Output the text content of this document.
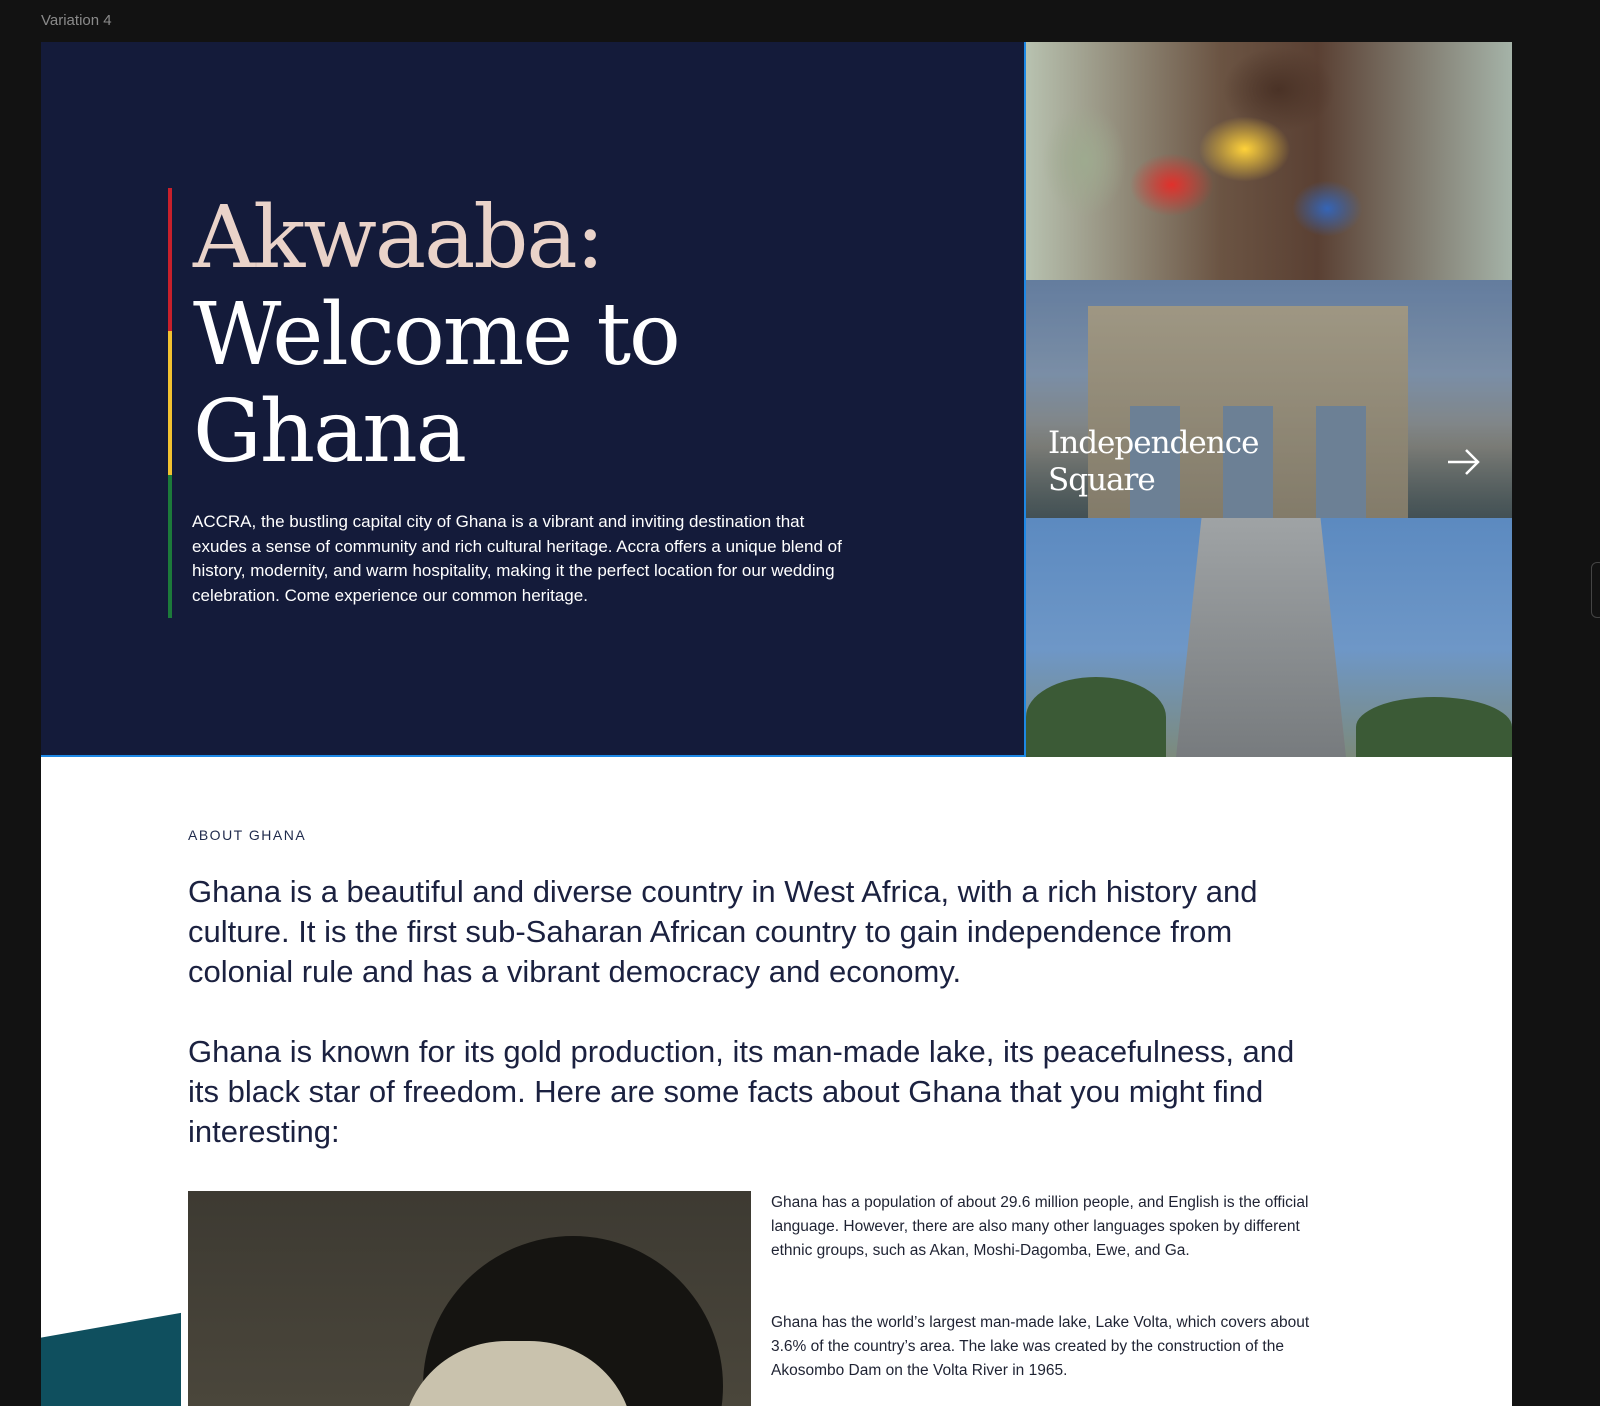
Variation 4
Akwaaba:
Welcome to
Ghana

ACCRA, the bustling capital city of Ghana is a vibrant and inviting destination that exudes a sense of community and rich cultural heritage. Accra offers a unique blend of history, modernity, and warm hospitality, making it the perfect location for our wedding celebration. Come experience our common heritage.

Independence Square
ABOUT GHANA

Ghana is a beautiful and diverse country in West Africa, with a rich history and culture. It is the first sub-Saharan African country to gain independence from colonial rule and has a vibrant democracy and economy.

Ghana is known for its gold production, its man-made lake, its peacefulness, and its black star of freedom. Here are some facts about Ghana that you might find interesting:

Ghana has a population of about 29.6 million people, and English is the official language. However, there are also many other languages spoken by different ethnic groups, such as Akan, Moshi-Dagomba, Ewe, and Ga.

Ghana has the world’s largest man-made lake, Lake Volta, which covers about 3.6% of the country’s area. The lake was created by the construction of the Akosombo Dam on the Volta River in 1965.
